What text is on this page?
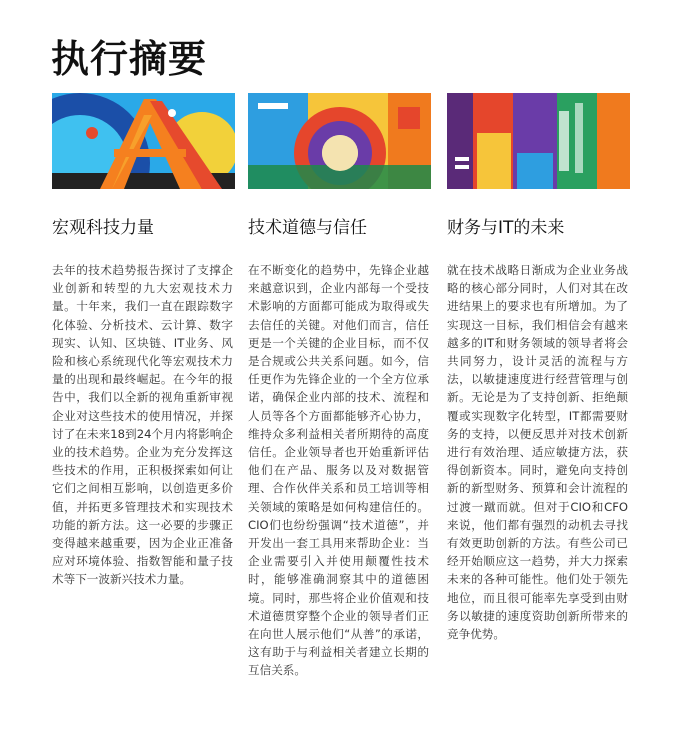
执行摘要
宏观科技力量

去年的技术趋势报告探讨了支撑企业创新和转型的九大宏观技术力量。十年来，我们一直在跟踪数字化体验、分析技术、云计算、数字现实、认知、区块链、IT业务、风险和核心系统现代化等宏观技术力量的出现和最终崛起。在今年的报告中，我们以全新的视角重新审视企业对这些技术的使用情况，并探讨了在未来18到24个月内将影响企业的技术趋势。企业为充分发挥这些技术的作用，正积极探索如何让它们之间相互影响，以创造更多价值，并拓更多管理技术和实现技术功能的新方法。这一必要的步骤正变得越来越重要，因为企业正准备应对环境体验、指数智能和量子技术等下一波新兴技术力量。

技术道德与信任

在不断变化的趋势中，先锋企业越来越意识到，企业内部每一个受技术影响的方面都可能成为取得或失去信任的关键。对他们而言，信任更是一个关键的企业目标，而不仅是合规或公共关系问题。如今，信任更作为先锋企业的一个全方位承诺，确保企业内部的技术、流程和人员等各个方面都能够齐心协力，维持众多利益相关者所期待的高度信任。企业领导者也开始重新评估他们在产品、服务以及对数据管理、合作伙伴关系和员工培训等相关领域的策略是如何构建信任的。CIO们也纷纷强调“技术道德”，并开发出一套工具用来帮助企业：当企业需要引入并使用颠覆性技术时，能够准确洞察其中的道德困境。同时，那些将企业价值观和技术道德贯穿整个企业的领导者们正在向世人展示他们“从善”的承诺，这有助于与利益相关者建立长期的互信关系。

财务与IT的未来

就在技术战略日渐成为企业业务战略的核心部分同时，人们对其在改进结果上的要求也有所增加。为了实现这一目标，我们相信会有越来越多的IT和财务领域的领导者将会共同努力，设计灵活的流程与方法，以敏捷速度进行经营管理与创新。无论是为了支持创新、拒绝颠覆或实现数字化转型，IT都需要财务的支持，以便反思并对技术创新进行有效治理、适应敏捷方法，获得创新资本。同时，避免向支持创新的新型财务、预算和会计流程的过渡一蹴而就。但对于CIO和CFO来说，他们都有强烈的动机去寻找有效更助创新的方法。有些公司已经开始顺应这一趋势，并大力探索未来的各种可能性。他们处于领先地位，而且很可能率先享受到由财务以敏捷的速度资助创新所带来的竞争优势。
